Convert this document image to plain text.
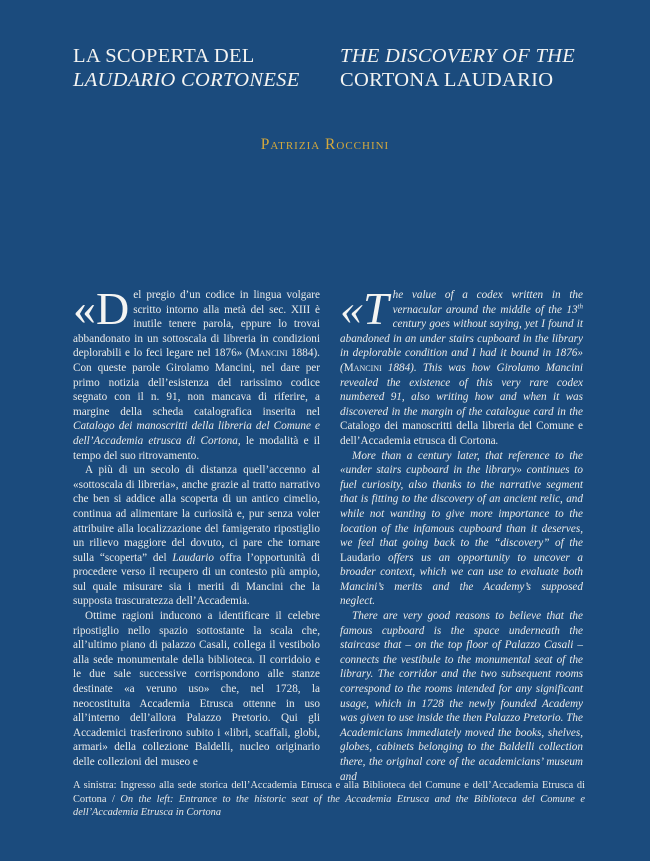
LA SCOPERTA DEL
LAUDARIO CORTONESE
THE DISCOVERY OF THE
CORTONA LAUDARIO
Patrizia Rocchini

«Del pregio d’un codice in lingua volgare scritto intorno alla metà del sec. XIII è inutile tenere parola, eppure lo trovai abbandonato in un sottoscala di libreria in condizioni deplorabili e lo feci legare nel 1876» (Mancini 1884). Con queste parole Girolamo Mancini, nel dare per primo notizia dell’esistenza del rarissimo codice segnato con il n. 91, non mancava di riferire, a margine della scheda catalografica inserita nel Catalogo dei manoscritti della libreria del Comune e dell’Accademia etrusca di Cortona, le modalità e il tempo del suo ritrovamento.

A più di un secolo di distanza quell’accenno al «sottoscala di libreria», anche grazie al tratto narrativo che ben si addice alla scoperta di un antico cimelio, continua ad alimentare la curiosità e, pur senza voler attribuire alla localizzazione del famigerato ripostiglio un rilievo maggiore del dovuto, ci pare che tornare sulla “scoperta” del Laudario offra l’opportunità di procedere verso il recupero di un contesto più ampio, sul quale misurare sia i meriti di Mancini che la supposta trascuratezza dell’Accademia.

Ottime ragioni inducono a identificare il celebre ripostiglio nello spazio sottostante la scala che, all’ultimo piano di palazzo Casali, collega il vestibolo alla sede monumentale della biblioteca. Il corridoio e le due sale successive corrispondono alle stanze destinate «a veruno uso» che, nel 1728, la neocostituita Accademia Etrusca ottenne in uso all’interno dell’allora Palazzo Pretorio. Qui gli Accademici trasferirono subito i «libri, scaffali, globi, armari» della collezione Baldelli, nucleo originario delle collezioni del museo e

«The value of a codex written in the vernacular around the middle of the 13th century goes without saying, yet I found it abandoned in an under stairs cupboard in the library in deplorable condition and I had it bound in 1876» (Mancini 1884). This was how Girolamo Mancini revealed the existence of this very rare codex numbered 91, also writing how and when it was discovered in the margin of the catalogue card in the Catalogo dei manoscritti della libreria del Comune e dell’Accademia etrusca di Cortona.

More than a century later, that reference to the «under stairs cupboard in the library» continues to fuel curiosity, also thanks to the narrative segment that is fitting to the discovery of an ancient relic, and while not wanting to give more importance to the location of the infamous cupboard than it deserves, we feel that going back to the “discovery” of the Laudario offers us an opportunity to uncover a broader context, which we can use to evaluate both Mancini’s merits and the Academy’s supposed neglect.

There are very good reasons to believe that the famous cupboard is the space underneath the staircase that – on the top floor of Palazzo Casali – connects the vestibule to the monumental seat of the library. The corridor and the two subsequent rooms correspond to the rooms intended for any significant usage, which in 1728 the newly founded Academy was given to use inside the then Palazzo Pretorio. The Academicians immediately moved the books, shelves, globes, cabinets belonging to the Baldelli collection there, the original core of the academicians’ museum and

A sinistra: Ingresso alla sede storica dell’Accademia Etrusca e alla Biblioteca del Comune e dell’Accademia Etrusca di Cortona / On the left: Entrance to the historic seat of the Accademia Etrusca and the Biblioteca del Comune e dell’Accademia Etrusca in Cortona
